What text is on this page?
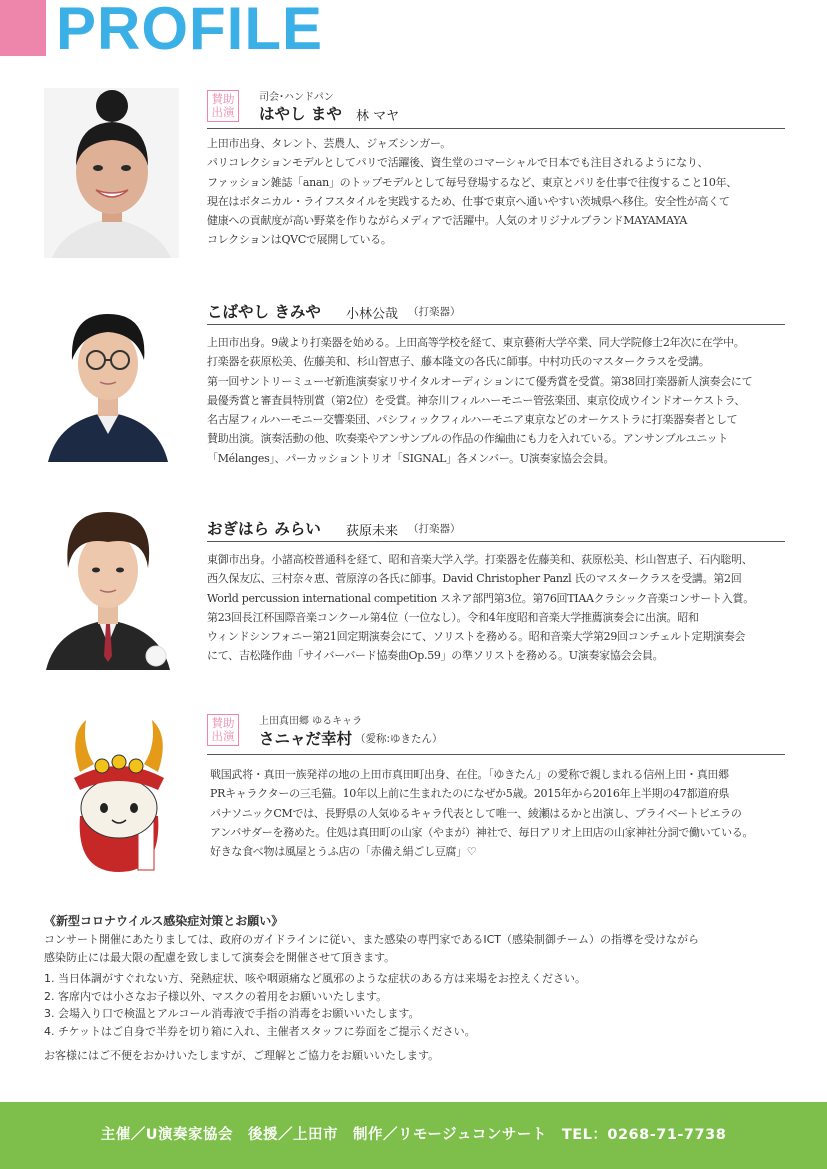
PROFILE
賛助
出演
司会･ハンドパン
はやし まや 林 マヤ
上田市出身、タレント、芸農人、ジャズシンガー。
パリコレクションモデルとしてパリで活躍後、資生堂のコマーシャルで日本でも注目されるようになり、
ファッション雑誌「anan」のトップモデルとして毎号登場するなど、東京とパリを仕事で往復すること10年、
現在はボタニカル・ライフスタイルを実践するため、仕事で東京へ通いやすい茨城県へ移住。安全性が高くて
健康への貢献度が高い野菜を作りながらメディアで活躍中。人気のオリジナルブランドMAYAMAYA
コレクションはQVCで展開している。
こばやし きみや 小林公哉 （打楽器）
上田市出身。9歳より打楽器を始める。上田高等学校を経て、東京藝術大学卒業、同大学院修士2年次に在学中。
打楽器を荻原松美、佐藤美和、杉山智恵子、藤本隆文の各氏に師事。中村功氏のマスタークラスを受講。
第一回サントリーミューゼ新進演奏家リサイタルオーディションにて優秀賞を受賞。第38回打楽器新人演奏会にて
最優秀賞と審査員特別賞（第2位）を受賞。神奈川フィルハーモニー管弦楽団、東京佼成ウインドオーケストラ、
名古屋フィルハーモニー交響楽団、パシフィックフィルハーモニア東京などのオーケストラに打楽器奏者として
賛助出演。演奏活動の他、吹奏楽やアンサンブルの作品の作編曲にも力を入れている。アンサンブルユニット
「Mélanges」、パーカッショントリオ「SIGNAL」各メンバー。U演奏家協会会員。
おぎはら みらい 荻原未来 （打楽器）
東御市出身。小諸高校普通科を経て、昭和音楽大学入学。打楽器を佐藤美和、荻原松美、杉山智恵子、石内聡明、
西久保友広、三村奈々恵、菅原淳の各氏に師事。David Christopher Panzl 氏のマスタークラスを受講。第2回
World percussion international competition スネア部門第3位。第76回TIAAクラシック音楽コンサート入賞。
第23回長江杯国際音楽コンクール第4位（一位なし）。令和4年度昭和音楽大学推薦演奏会に出演。昭和
ウィンドシンフォニー第21回定期演奏会にて、ソリストを務める。昭和音楽大学第29回コンチェルト定期演奏会
にて、吉松隆作曲「サイバーバード協奏曲Op.59」の準ソリストを務める。U演奏家協会会員。
賛助
出演
上田真田郷 ゆるキャラ
さニャだ幸村 （愛称:ゆきたん）
戦国武将・真田一族発祥の地の上田市真田町出身、在住。「ゆきたん」の愛称で親しまれる信州上田・真田郷
PRキャラクターの三毛猫。10年以上前に生まれたのになぜか5歳。2015年から2016年上半期の47都道府県
パナソニックCMでは、長野県の人気ゆるキャラ代表として唯一、綾瀬はるかと出演し、プライベートビエラの
アンバサダーを務めた。住処は真田町の山家（やまが）神社で、毎日アリオ上田店の山家神社分詞で働いている。
好きな食べ物は風屋とうふ店の「赤備え絹ごし豆腐」♡
《新型コロナウイルス感染症対策とお願い》
コンサート開催にあたりましては、政府のガイドラインに従い、また感染の専門家であるICT（感染制御チーム）の指導を受けながら
感染防止には最大限の配慮を致しまして演奏会を開催させて頂きます。
1. 当日体調がすぐれない方、発熱症状、咳や咽頭痛など風邪のような症状のある方は来場をお控えください。
2. 客席内では小さなお子様以外、マスクの着用をお願いいたします。
3. 会場入り口で検温とアルコール消毒液で手指の消毒をお願いいたします。
4. チケットはご自身で半券を切り箱に入れ、主催者スタッフに券面をご提示ください。
お客様にはご不便をおかけいたしますが、ご理解とご協力をお願いいたします。
主催／U演奏家協会　後援／上田市　制作／リモージュコンサート　TEL：0268-71-7738
